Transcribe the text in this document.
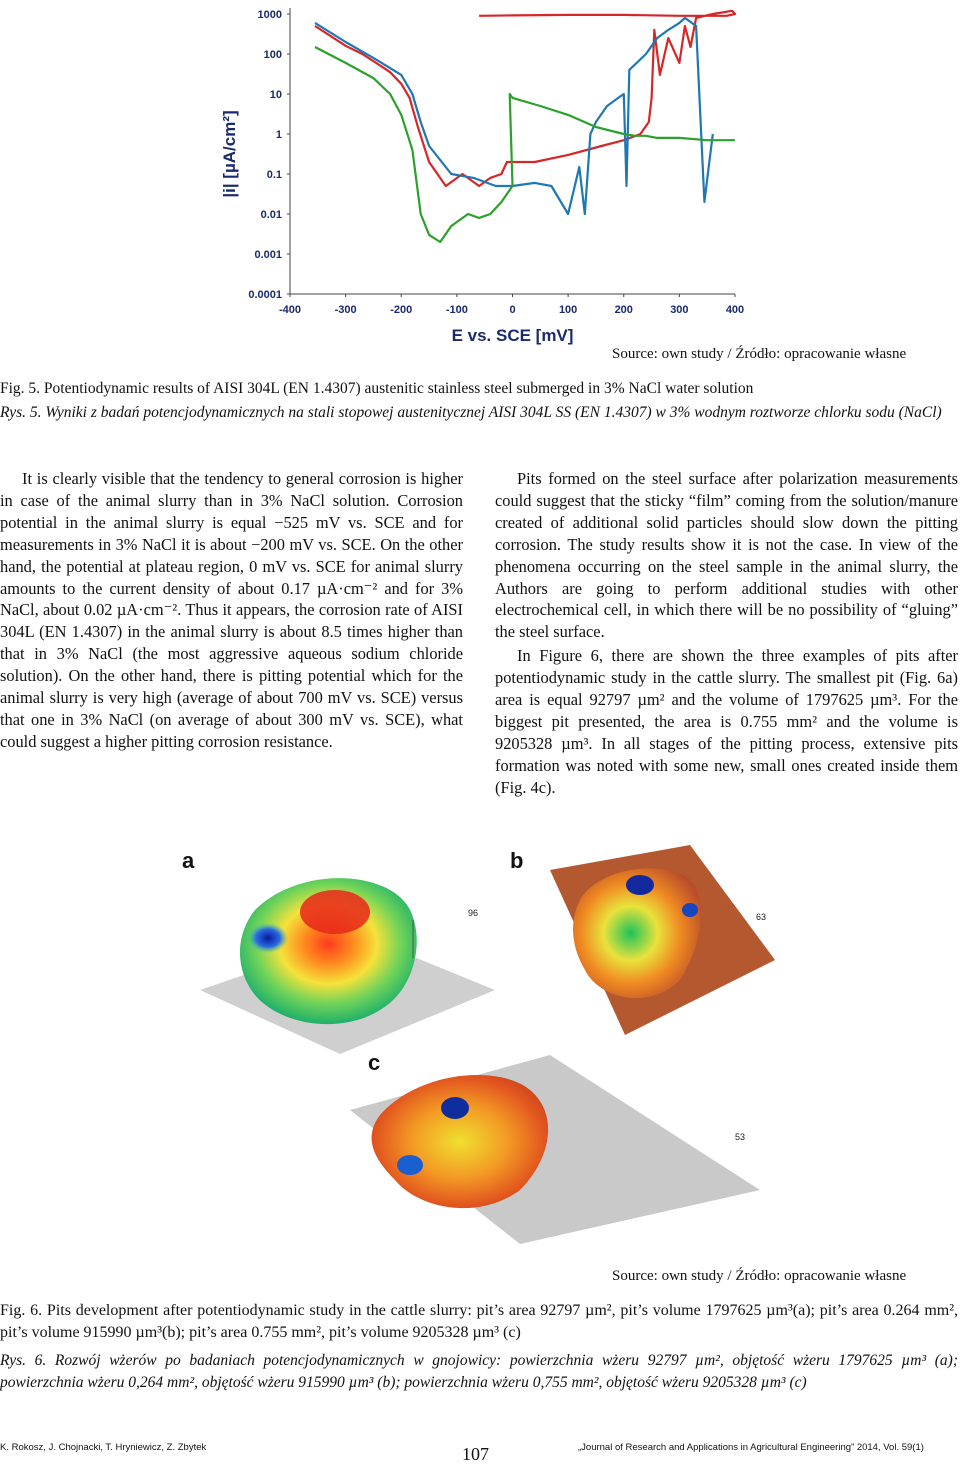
1000
100
10
1
0.1
0.01
0.001
0.0001
-400	-300	-200	-100	0	100	200	300	400
E vs. SCE [mV]
|i| [µA/cm²]
Source: own study / Źródło: opracowanie własne
Fig. 5. Potentiodynamic results of AISI 304L (EN 1.4307) austenitic stainless steel submerged in 3% NaCl water solution
Rys. 5. Wyniki z badań potencjodynamicznych na stali stopowej austenitycznej AISI 304L SS (EN 1.4307) w 3% wodnym roztworze chlorku sodu (NaCl)

It is clearly visible that the tendency to general corrosion is higher in case of the animal slurry than in 3% NaCl solution. Corrosion potential in the animal slurry is equal −525 mV vs. SCE and for measurements in 3% NaCl it is about −200 mV vs. SCE. On the other hand, the potential at plateau region, 0 mV vs. SCE for animal slurry amounts to the current density of about 0.17 µA·cm⁻² and for 3% NaCl, about 0.02 µA·cm⁻². Thus it appears, the corrosion rate of AISI 304L (EN 1.4307) in the animal slurry is about 8.5 times higher than that in 3% NaCl (the most aggressive aqueous sodium chloride solution). On the other hand, there is pitting potential which for the animal slurry is very high (average of about 700 mV vs. SCE) versus that one in 3% NaCl (on average of about 300 mV vs. SCE), what could suggest a higher pitting corrosion resistance.

Pits formed on the steel surface after polarization measurements could suggest that the sticky “film” coming from the solution/manure created of additional solid particles should slow down the pitting corrosion. The study results show it is not the case. In view of the phenomena occurring on the steel sample in the animal slurry, the Authors are going to perform additional studies with other electrochemical cell, in which there will be no possibility of “gluing” the steel surface.

In Figure 6, there are shown the three examples of pits after potentiodynamic study in the cattle slurry. The smallest pit (Fig. 6a) area is equal 92797 µm² and the volume of 1797625 µm³. For the biggest pit presented, the area is 0.755 mm² and the volume is 9205328 µm³. In all stages of the pitting process, extensive pits formation was noted with some new, small ones created inside them (Fig. 4c).

96
a
63
b
53
c
Source: own study / Źródło: opracowanie własne
Fig. 6. Pits development after potentiodynamic study in the cattle slurry: pit’s area 92797 µm², pit’s volume 1797625 µm³(a); pit’s area 0.264 mm², pit’s volume 915990 µm³(b); pit’s area 0.755 mm², pit’s volume 9205328 µm³ (c)
Rys. 6. Rozwój wżerów po badaniach potencjodynamicznych w gnojowicy: powierzchnia wżeru 92797 µm², objętość wżeru 1797625 µm³ (a); powierzchnia wżeru 0,264 mm², objętość wżeru 915990 µm³ (b); powierzchnia wżeru 0,755 mm², objętość wżeru 9205328 µm³ (c)
K. Rokosz, J. Chojnacki, T. Hryniewicz, Z. Zbytek	107	„Journal of Research and Applications in Agricultural Engineering” 2014, Vol. 59(1)
